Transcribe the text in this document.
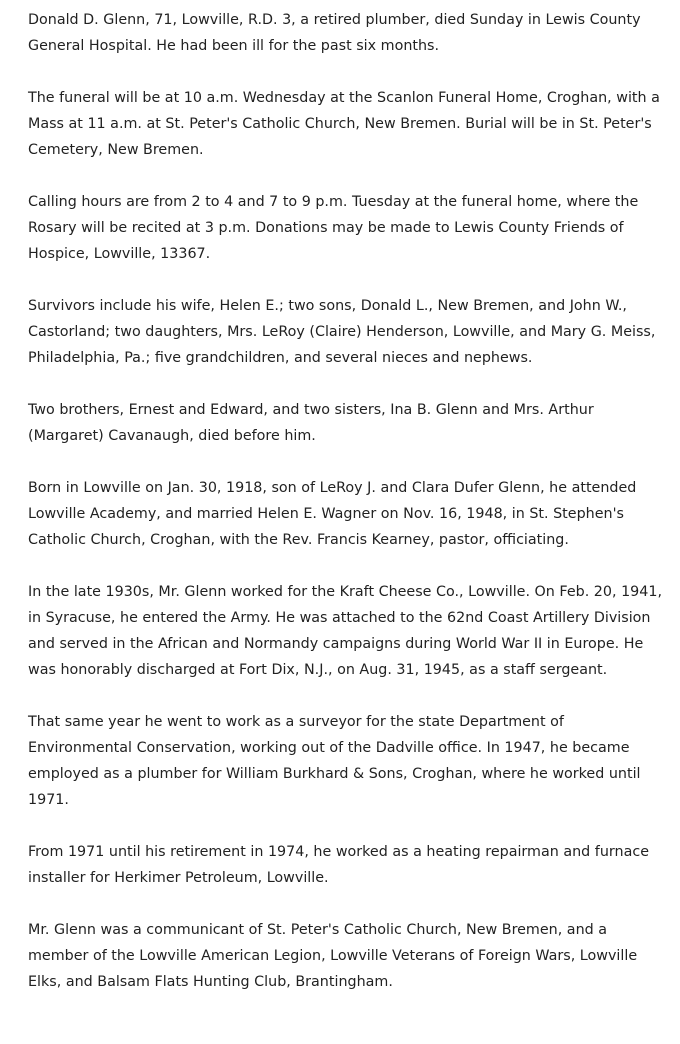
Donald D. Glenn, 71, Lowville, R.D. 3, a retired plumber, died Sunday in Lewis County General Hospital. He had been ill for the past six months.

The funeral will be at 10 a.m. Wednesday at the Scanlon Funeral Home, Croghan, with a Mass at 11 a.m. at St. Peter's Catholic Church, New Bremen. Burial will be in St. Peter's Cemetery, New Bremen.

Calling hours are from 2 to 4 and 7 to 9 p.m. Tuesday at the funeral home, where the Rosary will be recited at 3 p.m. Donations may be made to Lewis County Friends of Hospice, Lowville, 13367.

Survivors include his wife, Helen E.; two sons, Donald L., New Bremen, and John W., Castorland; two daughters, Mrs. LeRoy (Claire) Henderson, Lowville, and Mary G. Meiss, Philadelphia, Pa.; five grandchildren, and several nieces and nephews.

Two brothers, Ernest and Edward, and two sisters, Ina B. Glenn and Mrs. Arthur (Margaret) Cavanaugh, died before him.

Born in Lowville on Jan. 30, 1918, son of LeRoy J. and Clara Dufer Glenn, he attended Lowville Academy, and married Helen E. Wagner on Nov. 16, 1948, in St. Stephen's Catholic Church, Croghan, with the Rev. Francis Kearney, pastor, officiating.

In the late 1930s, Mr. Glenn worked for the Kraft Cheese Co., Lowville. On Feb. 20, 1941, in Syracuse, he entered the Army. He was attached to the 62nd Coast Artillery Division and served in the African and Normandy campaigns during World War II in Europe. He was honorably discharged at Fort Dix, N.J., on Aug. 31, 1945, as a staff sergeant.

That same year he went to work as a surveyor for the state Department of Environmental Conservation, working out of the Dadville office. In 1947, he became employed as a plumber for William Burkhard & Sons, Croghan, where he worked until 1971.

From 1971 until his retirement in 1974, he worked as a heating repairman and furnace installer for Herkimer Petroleum, Lowville.

Mr. Glenn was a communicant of St. Peter's Catholic Church, New Bremen, and a member of the Lowville American Legion, Lowville Veterans of Foreign Wars, Lowville Elks, and Balsam Flats Hunting Club, Brantingham.
